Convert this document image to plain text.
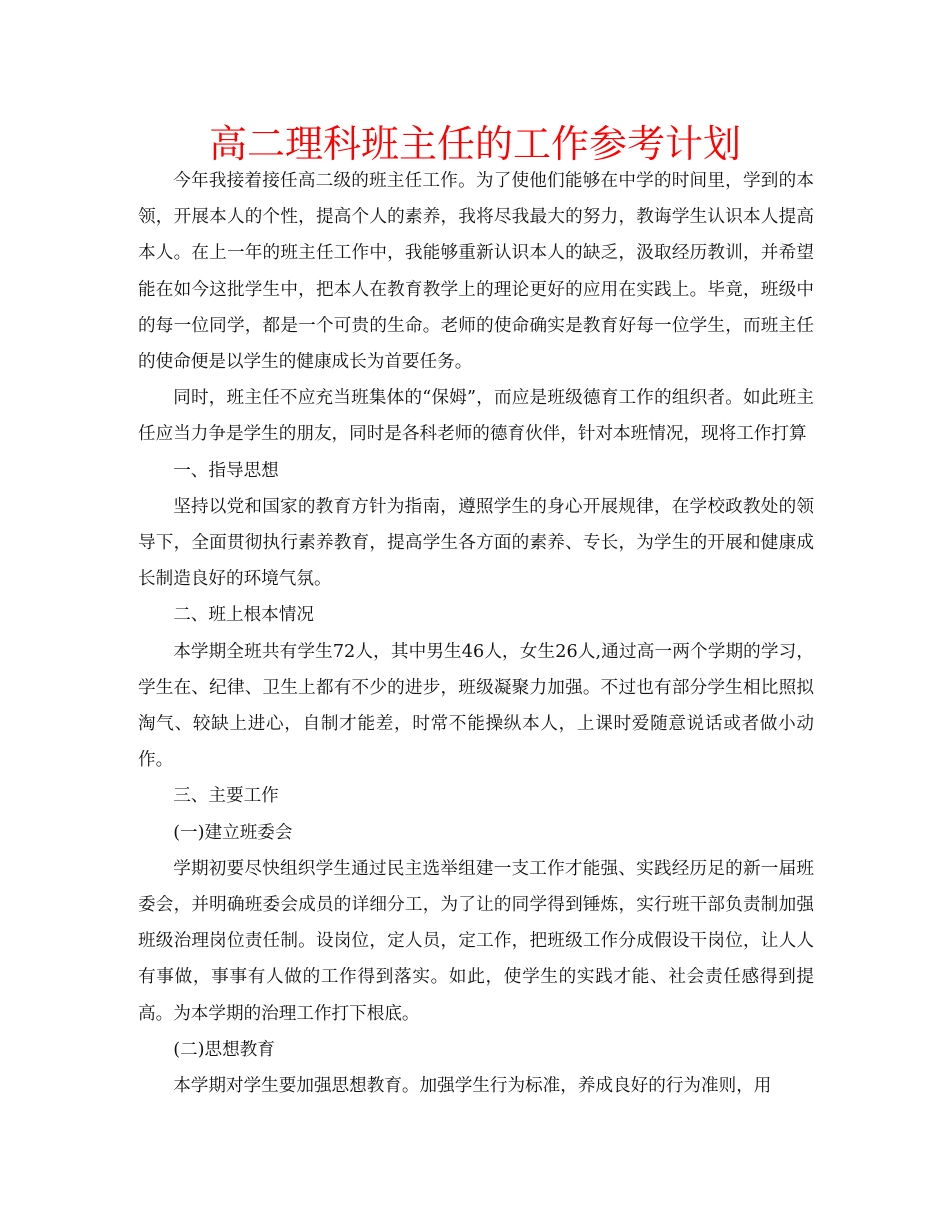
高二理科班主任的工作参考计划

今年我接着接任高二级的班主任工作。为了使他们能够在中学的时间里，学到的本领，开展本人的个性，提高个人的素养，我将尽我最大的努力，教诲学生认识本人提高本人。在上一年的班主任工作中，我能够重新认识本人的缺乏，汲取经历教训，并希望能在如今这批学生中，把本人在教育教学上的理论更好的应用在实践上。毕竟，班级中的每一位同学，都是一个可贵的生命。老师的使命确实是教育好每一位学生，而班主任的使命便是以学生的健康成长为首要任务。

同时，班主任不应充当班集体的“保姆”，而应是班级德育工作的组织者。如此班主任应当力争是学生的朋友，同时是各科老师的德育伙伴，针对本班情况，现将工作打算

一、指导思想

坚持以党和国家的教育方针为指南，遵照学生的身心开展规律，在学校政教处的领导下，全面贯彻执行素养教育，提高学生各方面的素养、专长，为学生的开展和健康成长制造良好的环境气氛。

二、班上根本情况

本学期全班共有学生72人，其中男生46人，女生26人,通过高一两个学期的学习，学生在、纪律、卫生上都有不少的进步，班级凝聚力加强。不过也有部分学生相比照拟淘气、较缺上进心，自制才能差，时常不能操纵本人，上课时爱随意说话或者做小动作。

三、主要工作

(一)建立班委会

学期初要尽快组织学生通过民主选举组建一支工作才能强、实践经历足的新一届班委会，并明确班委会成员的详细分工，为了让的同学得到锤炼，实行班干部负责制加强班级治理岗位责任制。设岗位，定人员，定工作，把班级工作分成假设干岗位，让人人有事做，事事有人做的工作得到落实。如此，使学生的实践才能、社会责任感得到提高。为本学期的治理工作打下根底。

(二)思想教育

本学期对学生要加强思想教育。加强学生行为标准，养成良好的行为准则，用
